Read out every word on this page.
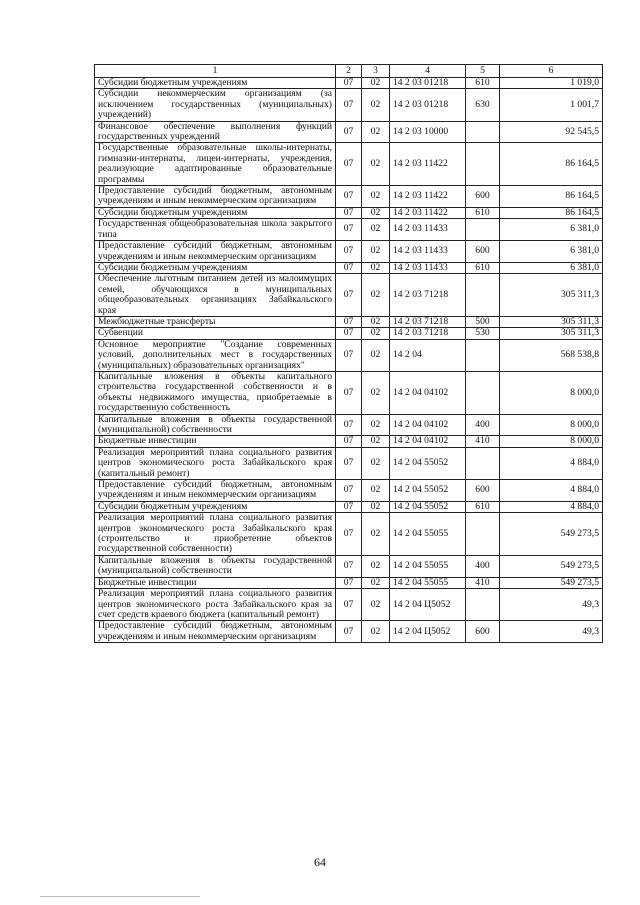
1	2	3	4	5	6
Субсидии бюджетным учреждениям	07	02	14 2 03 01218	610	1 019,0
Субсидии некоммерческим организациям (за исключением государственных (муниципальных) учреждений)	07	02	14 2 03 01218	630	1 001,7
Финансовое обеспечение выполнения функций государственных учреждений	07	02	14 2 03 10000		92 545,5
Государственные образовательные школы-интернаты, гимназии-интернаты, лицеи-интернаты, учреждения, реализующие адаптированные образовательные программы	07	02	14 2 03 11422		86 164,5
Предоставление субсидий бюджетным, автономным учреждениям и иным некоммерческим организациям	07	02	14 2 03 11422	600	86 164,5
Субсидии бюджетным учреждениям	07	02	14 2 03 11422	610	86 164,5
Государственная общеобразовательная школа закрытого типа	07	02	14 2 03 11433		6 381,0
Предоставление субсидий бюджетным, автономным учреждениям и иным некоммерческим организациям	07	02	14 2 03 11433	600	6 381,0
Субсидии бюджетным учреждениям	07	02	14 2 03 11433	610	6 381,0
Обеспечение льготным питанием детей из малоимущих семей, обучающихся в муниципальных общеобразовательных организациях Забайкальского края	07	02	14 2 03 71218		305 311,3
Межбюджетные трансферты	07	02	14 2 03 71218	500	305 311,3
Субвенции	07	02	14 2 03 71218	530	305 311,3
Основное мероприятие "Создание современных условий, дополнительных мест в государственных (муниципальных) образовательных организациях"	07	02	14 2 04		568 538,8
Капитальные вложения в объекты капитального строительства государственной собственности и в объекты недвижимого имущества, приобретаемые в государственную собственность	07	02	14 2 04 04102		8 000,0
Капитальные вложения в объекты государственной (муниципальной) собственности	07	02	14 2 04 04102	400	8 000,0
Бюджетные инвестиции	07	02	14 2 04 04102	410	8 000,0
Реализация мероприятий плана социального развития центров экономического роста Забайкальского края (капитальный ремонт)	07	02	14 2 04 55052		4 884,0
Предоставление субсидий бюджетным, автономным учреждениям и иным некоммерческим организациям	07	02	14 2 04 55052	600	4 884,0
Субсидии бюджетным учреждениям	07	02	14 2 04 55052	610	4 884,0
Реализация мероприятий плана социального развития центров экономического роста Забайкальского края (строительство и приобретение объектов государственной собственности)	07	02	14 2 04 55055		549 273,5
Капитальные вложения в объекты государственной (муниципальной) собственности	07	02	14 2 04 55055	400	549 273,5
Бюджетные инвестиции	07	02	14 2 04 55055	410	549 273,5
Реализация мероприятий плана социального развития центров экономического роста Забайкальского края за счет средств краевого бюджета (капитальный ремонт)	07	02	14 2 04 Ц5052		49,3
Предоставление субсидий бюджетным, автономным учреждениям и иным некоммерческим организациям	07	02	14 2 04 Ц5052	600	49,3
64
